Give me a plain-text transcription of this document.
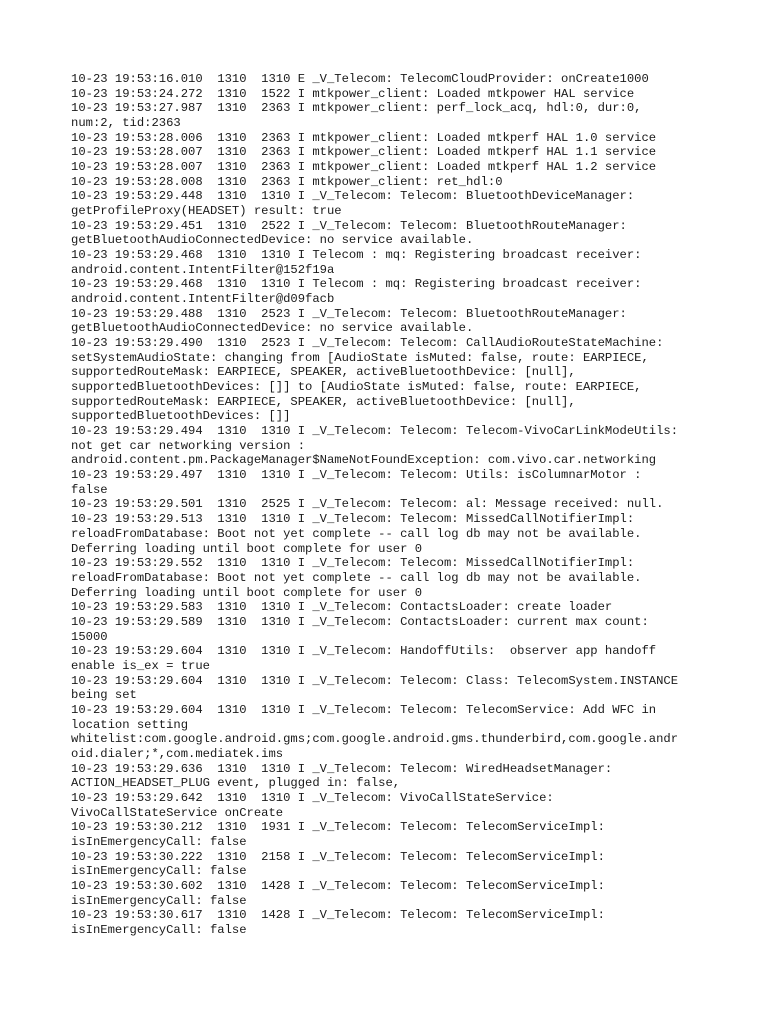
10-23 19:53:16.010  1310  1310 E _V_Telecom: TelecomCloudProvider: onCreate1000
10-23 19:53:24.272  1310  1522 I mtkpower_client: Loaded mtkpower HAL service
10-23 19:53:27.987  1310  2363 I mtkpower_client: perf_lock_acq, hdl:0, dur:0,
num:2, tid:2363
10-23 19:53:28.006  1310  2363 I mtkpower_client: Loaded mtkperf HAL 1.0 service
10-23 19:53:28.007  1310  2363 I mtkpower_client: Loaded mtkperf HAL 1.1 service
10-23 19:53:28.007  1310  2363 I mtkpower_client: Loaded mtkperf HAL 1.2 service
10-23 19:53:28.008  1310  2363 I mtkpower_client: ret_hdl:0
10-23 19:53:29.448  1310  1310 I _V_Telecom: Telecom: BluetoothDeviceManager:
getProfileProxy(HEADSET) result: true
10-23 19:53:29.451  1310  2522 I _V_Telecom: Telecom: BluetoothRouteManager:
getBluetoothAudioConnectedDevice: no service available.
10-23 19:53:29.468  1310  1310 I Telecom : mq: Registering broadcast receiver:
android.content.IntentFilter@152f19a
10-23 19:53:29.468  1310  1310 I Telecom : mq: Registering broadcast receiver:
android.content.IntentFilter@d09facb
10-23 19:53:29.488  1310  2523 I _V_Telecom: Telecom: BluetoothRouteManager:
getBluetoothAudioConnectedDevice: no service available.
10-23 19:53:29.490  1310  2523 I _V_Telecom: Telecom: CallAudioRouteStateMachine:
setSystemAudioState: changing from [AudioState isMuted: false, route: EARPIECE,
supportedRouteMask: EARPIECE, SPEAKER, activeBluetoothDevice: [null],
supportedBluetoothDevices: []] to [AudioState isMuted: false, route: EARPIECE,
supportedRouteMask: EARPIECE, SPEAKER, activeBluetoothDevice: [null],
supportedBluetoothDevices: []]
10-23 19:53:29.494  1310  1310 I _V_Telecom: Telecom: Telecom-VivoCarLinkModeUtils:
not get car networking version :
android.content.pm.PackageManager$NameNotFoundException: com.vivo.car.networking
10-23 19:53:29.497  1310  1310 I _V_Telecom: Telecom: Utils: isColumnarMotor :
false
10-23 19:53:29.501  1310  2525 I _V_Telecom: Telecom: al: Message received: null.
10-23 19:53:29.513  1310  1310 I _V_Telecom: Telecom: MissedCallNotifierImpl:
reloadFromDatabase: Boot not yet complete -- call log db may not be available.
Deferring loading until boot complete for user 0
10-23 19:53:29.552  1310  1310 I _V_Telecom: Telecom: MissedCallNotifierImpl:
reloadFromDatabase: Boot not yet complete -- call log db may not be available.
Deferring loading until boot complete for user 0
10-23 19:53:29.583  1310  1310 I _V_Telecom: ContactsLoader: create loader
10-23 19:53:29.589  1310  1310 I _V_Telecom: ContactsLoader: current max count:
15000
10-23 19:53:29.604  1310  1310 I _V_Telecom: HandoffUtils:  observer app handoff
enable is_ex = true
10-23 19:53:29.604  1310  1310 I _V_Telecom: Telecom: Class: TelecomSystem.INSTANCE
being set
10-23 19:53:29.604  1310  1310 I _V_Telecom: Telecom: TelecomService: Add WFC in
location setting
whitelist:com.google.android.gms;com.google.android.gms.thunderbird,com.google.andr
oid.dialer;*,com.mediatek.ims
10-23 19:53:29.636  1310  1310 I _V_Telecom: Telecom: WiredHeadsetManager:
ACTION_HEADSET_PLUG event, plugged in: false,
10-23 19:53:29.642  1310  1310 I _V_Telecom: VivoCallStateService:
VivoCallStateService onCreate
10-23 19:53:30.212  1310  1931 I _V_Telecom: Telecom: TelecomServiceImpl:
isInEmergencyCall: false
10-23 19:53:30.222  1310  2158 I _V_Telecom: Telecom: TelecomServiceImpl:
isInEmergencyCall: false
10-23 19:53:30.602  1310  1428 I _V_Telecom: Telecom: TelecomServiceImpl:
isInEmergencyCall: false
10-23 19:53:30.617  1310  1428 I _V_Telecom: Telecom: TelecomServiceImpl:
isInEmergencyCall: false
